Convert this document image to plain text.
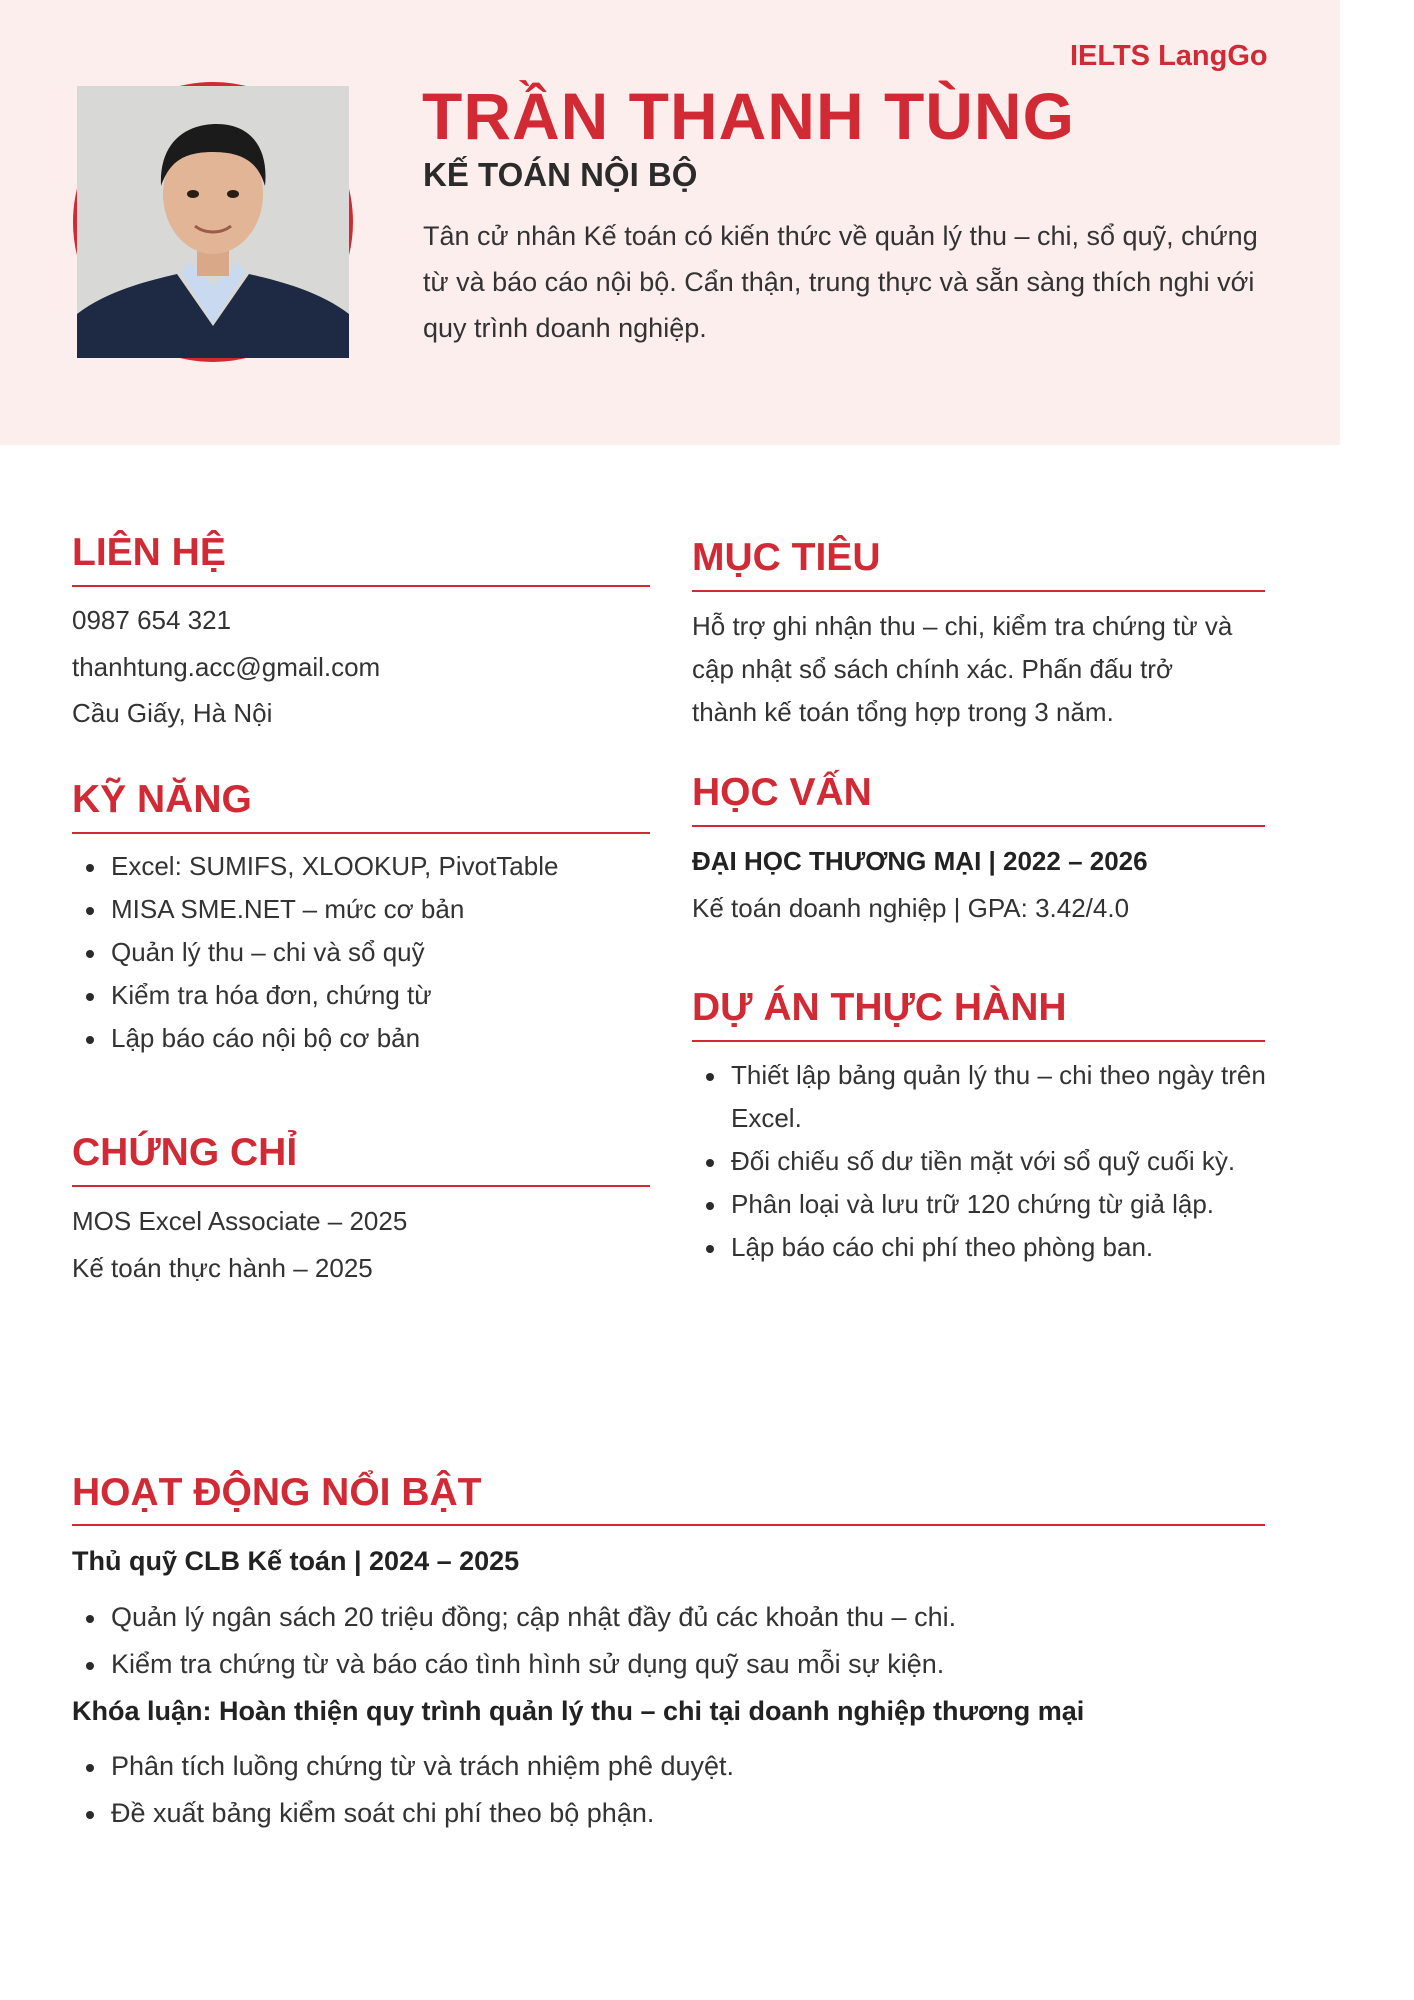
IELTS LangGo
TRẦN THANH TÙNG
KẾ TOÁN NỘI BỘ

Tân cử nhân Kế toán có kiến thức về quản lý thu – chi, sổ quỹ, chứng từ và báo cáo nội bộ. Cẩn thận, trung thực và sẵn sàng thích nghi với quy trình doanh nghiệp.

LIÊN HỆ

0987 654 321

thanhtung.acc@gmail.com

Cầu Giấy, Hà Nội

KỸ NĂNG
Excel: SUMIFS, XLOOKUP, PivotTable
MISA SME.NET – mức cơ bản
Quản lý thu – chi và sổ quỹ
Kiểm tra hóa đơn, chứng từ
Lập báo cáo nội bộ cơ bản
CHỨNG CHỈ

MOS Excel Associate – 2025

Kế toán thực hành – 2025

MỤC TIÊU

Hỗ trợ ghi nhận thu – chi, kiểm tra chứng từ và

cập nhật sổ sách chính xác. Phấn đấu trở

thành kế toán tổng hợp trong 3 năm.

HỌC VẤN

ĐẠI HỌC THƯƠNG MẠI | 2022 – 2026

Kế toán doanh nghiệp | GPA: 3.42/4.0

DỰ ÁN THỰC HÀNH
Thiết lập bảng quản lý thu – chi theo ngày trên Excel.
Đối chiếu số dư tiền mặt với sổ quỹ cuối kỳ.
Phân loại và lưu trữ 120 chứng từ giả lập.
Lập báo cáo chi phí theo phòng ban.
HOẠT ĐỘNG NỔI BẬT

Thủ quỹ CLB Kế toán | 2024 – 2025

Quản lý ngân sách 20 triệu đồng; cập nhật đầy đủ các khoản thu – chi.
Kiểm tra chứng từ và báo cáo tình hình sử dụng quỹ sau mỗi sự kiện.

Khóa luận: Hoàn thiện quy trình quản lý thu – chi tại doanh nghiệp thương mại

Phân tích luồng chứng từ và trách nhiệm phê duyệt.
Đề xuất bảng kiểm soát chi phí theo bộ phận.
